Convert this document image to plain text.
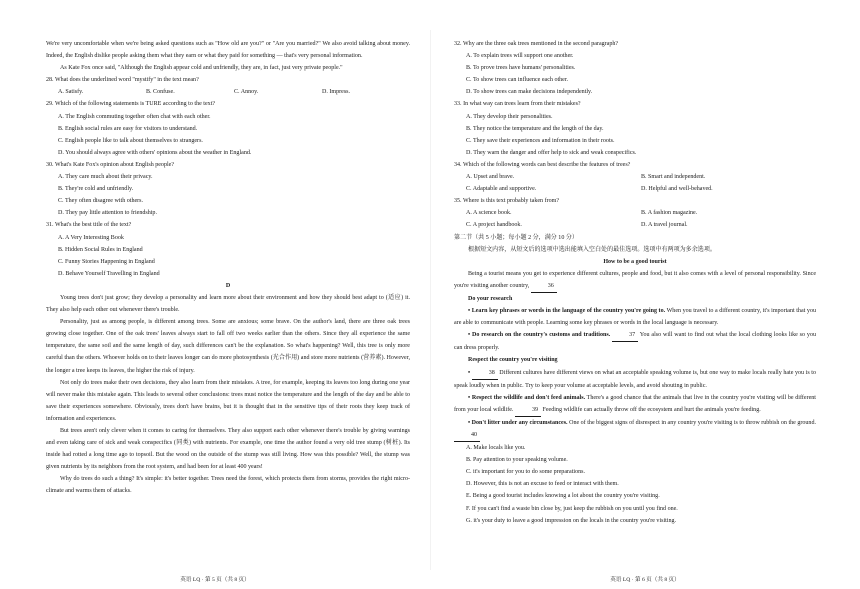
We're very uncomfortable when we're being asked questions such as "How old are you?" or "Are you married?" We also avoid talking about money. Indeed, the English dislike people asking them what they earn or what they paid for something — that's very personal information.

As Kate Fox once said, "Although the English appear cold and unfriendly, they are, in fact, just very private people."

28. What does the underlined word "mystify" in the text mean?

A. Satisfy.	B. Confuse.	C. Annoy.	D. Impress.

29. Which of the following statements is TURE according to the text?

A. The English commuting together often chat with each other.

B. English social rules are easy for visitors to understand.

C. English people like to talk about themselves to strangers.

D. You should always agree with others' opinions about the weather in England.

30. What's Kate Fox's opinion about English people?

A. They care much about their privacy.

B. They're cold and unfriendly.

C. They often disagree with others.

D. They pay little attention to friendship.

31. What's the best title of the text?

A. A Very Interesting Book

B. Hidden Social Rules in England

C. Funny Stories Happening in England

D. Behave Yourself Travelling in England

D

Young trees don't just grow; they develop a personality and learn more about their environment and how they should best adapt to (适应) it. They also help each other out whenever there's trouble.

Personality, just as among people, is different among trees. Some are anxious; some brave. On the author's land, there are three oak trees growing close together. One of the oak trees' leaves always start to fall off two weeks earlier than the others. Since they all experience the same temperature, the same soil and the same length of day, such differences can't be the explanation. So what's happening? Well, this tree is only more careful than the others. Whoever holds on to their leaves longer can do more photosynthesis (光合作用) and store more nutrients (营养素). However, the longer a tree keeps its leaves, the higher the risk of injury.

Not only do trees make their own decisions, they also learn from their mistakes. A tree, for example, keeping its leaves too long during one year will never make this mistake again. This leads to several other conclusions: trees must notice the temperature and the length of the day and be able to save their experiences somewhere. Obviously, trees don't have brains, but it is thought that in the sensitive tips of their roots they keep track of information and experiences.

But trees aren't only clever when it comes to caring for themselves. They also support each other whenever there's trouble by giving warnings and even taking care of sick and weak conspecifics (同类) with nutrients. For example, one time the author found a very old tree stump (树桩). Its inside had rotted a long time ago to topsoil. But the wood on the outside of the stump was still living. How was this possible? Well, the stump was given nutrients by its neighbors from the root system, and had been for at least 400 years!

Why do trees do such a thing? It's simple: it's better together. Trees need the forest, which protects them from storms, provides the right micro-climate and warms them of attacks.

英语 LQ · 第 5 页（共 8 页）

32. Why are the three oak trees mentioned in the second paragraph?

A. To explain trees will support one another.

B. To prove trees have humans' personalities.

C. To show trees can influence each other.

D. To show trees can make decisions independently.

33. In what way can trees learn from their mistakes?

A. They develop their personalities.

B. They notice the temperature and the length of the day.

C. They save their experiences and information in their roots.

D. They warn the danger and offer help to sick and weak conspecifics.

34. Which of the following words can best describe the features of trees?

A. Upset and brave.	B. Smart and independent.
C. Adaptable and supportive.	D. Helpful and well-behaved.

35. Where is this text probably taken from?

A. A science book.	B. A fashion magazine.
C. A project handbook.	D. A travel journal.

第二节（共 5 小题；每小题 2 分，满分 10 分）

根据短文内容，从短文后的选项中选出能填入空白处的最佳选项。选项中有两项为多余选项。

How to be a good tourist

Being a tourist means you get to experience different cultures, people and food, but it also comes with a level of personal responsibility. Since you're visiting another country,	36

Do your research

• Learn key phrases or words in the language of the country you're going to. When you travel to a different country, it's important that you are able to communicate with people. Learning some key phrases or words in the local language is necessary.

• Do research on the country's customs and traditions.	37 You also will want to find out what the local clothing looks like so you can dress properly.

Respect the country you're visiting

•	38 Different cultures have different views on what an acceptable speaking volume is, but one way to make locals really hate you is to speak loudly when in public. Try to keep your volume at acceptable levels, and avoid shouting in public.

• Respect the wildlife and don't feed animals. There's a good chance that the animals that live in the country you're visiting will be different from your local wildlife.	39 Feeding wildlife can actually throw off the ecosystem and hurt the animals you're feeding.

• Don't litter under any circumstances. One of the biggest signs of disrespect in any country you're visiting is to throw rubbish on the ground. 40

A. Make locals like you.

B. Pay attention to your speaking volume.

C. it's important for you to do some preparations.

D. However, this is not an excuse to feed or interact with them.

E. Being a good tourist includes knowing a lot about the country you're visiting.

F. If you can't find a waste bin close by, just keep the rubbish on you until you find one.

G. it's your duty to leave a good impression on the locals in the country you're visiting.

英语 LQ · 第 6 页（共 8 页）
